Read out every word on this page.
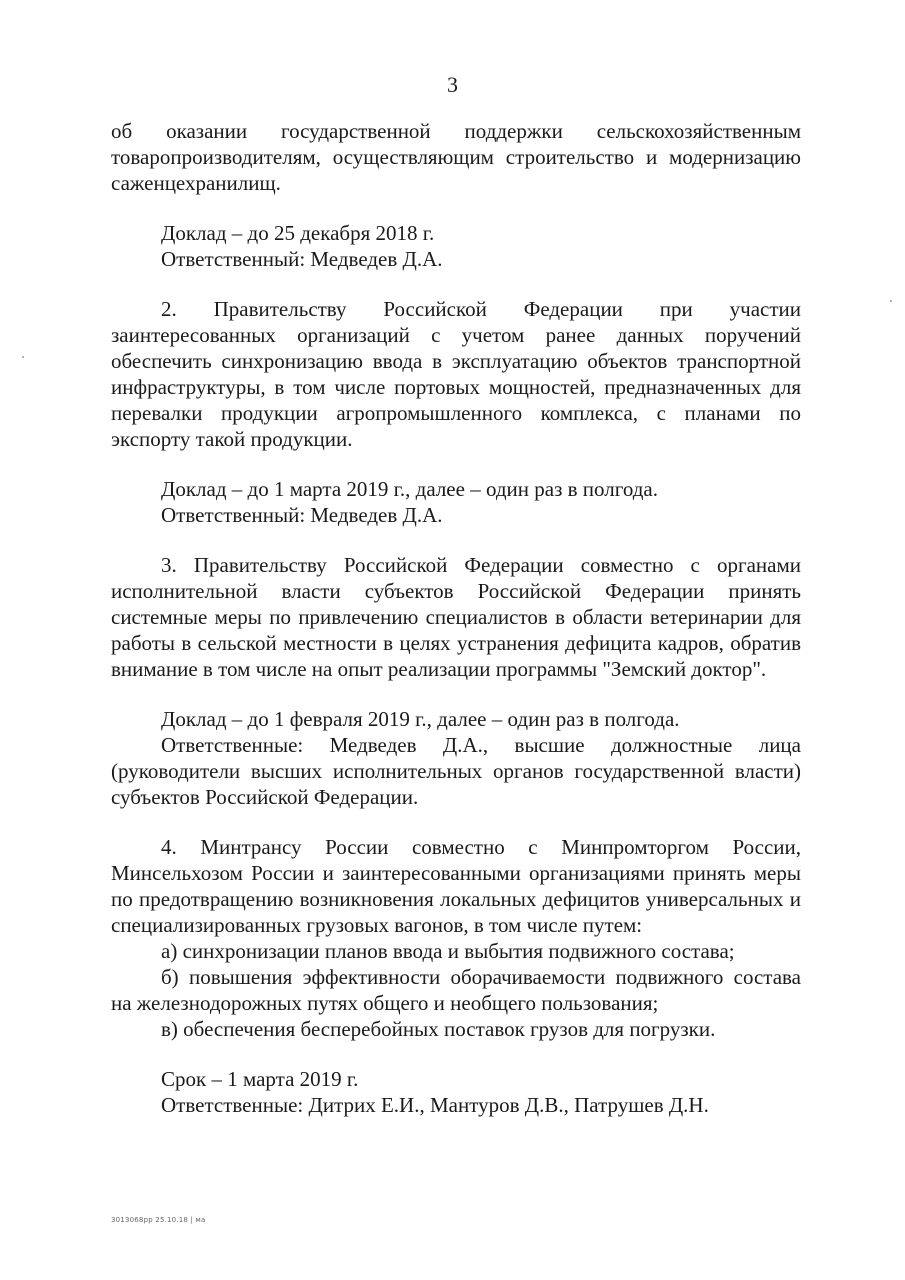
3

об оказании государственной поддержки сельскохозяйственным товаропроизводителям, осуществляющим строительство и модернизацию саженцехранилищ.

Доклад – до 25 декабря 2018 г.
Ответственный: Медведев Д.А.

2. Правительству Российской Федерации при участии заинтересованных организаций с учетом ранее данных поручений обеспечить синхронизацию ввода в эксплуатацию объектов транспортной инфраструктуры, в том числе портовых мощностей, предназначенных для перевалки продукции агропромышленного комплекса, с планами по экспорту такой продукции.

Доклад – до 1 марта 2019 г., далее – один раз в полгода.
Ответственный: Медведев Д.А.

3. Правительству Российской Федерации совместно с органами исполнительной власти субъектов Российской Федерации принять системные меры по привлечению специалистов в области ветеринарии для работы в сельской местности в целях устранения дефицита кадров, обратив внимание в том числе на опыт реализации программы "Земский доктор".

Доклад – до 1 февраля 2019 г., далее – один раз в полгода.

Ответственные: Медведев Д.А., высшие должностные лица (руководители высших исполнительных органов государственной власти) субъектов Российской Федерации.

4. Минтрансу России совместно с Минпромторгом России, Минсельхозом России и заинтересованными организациями принять меры по предотвращению возникновения локальных дефицитов универсальных и специализированных грузовых вагонов, в том числе путем:

а) синхронизации планов ввода и выбытия подвижного состава;

б) повышения эффективности оборачиваемости подвижного состава на железнодорожных путях общего и необщего пользования;

в) обеспечения бесперебойных поставок грузов для погрузки.

Срок – 1 марта 2019 г.
Ответственные: Дитрих Е.И., Мантуров Д.В., Патрушев Д.Н.
3013068рр 25.10.18 | ма
